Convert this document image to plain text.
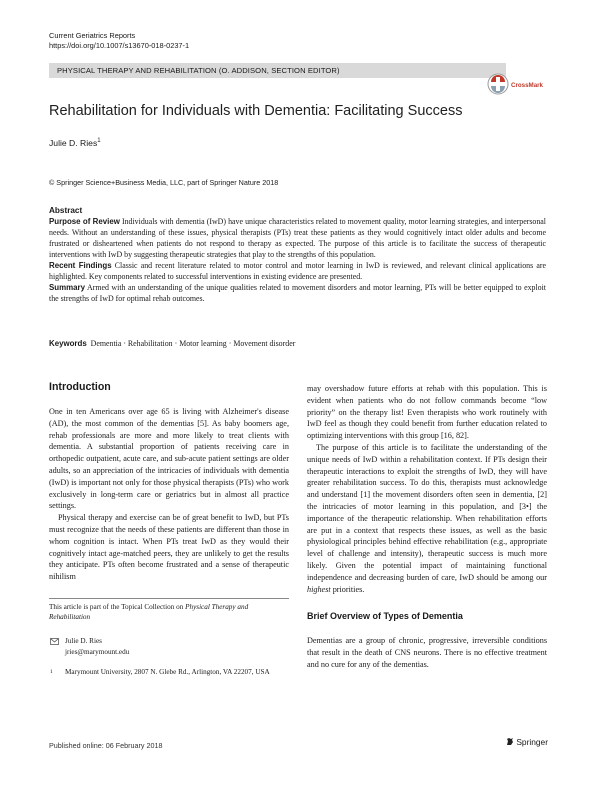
Current Geriatrics Reports
https://doi.org/10.1007/s13670-018-0237-1
PHYSICAL THERAPY AND REHABILITATION (O. ADDISON, SECTION EDITOR)
CrossMark
Rehabilitation for Individuals with Dementia: Facilitating Success
Julie D. Ries$^1$
© Springer Science+Business Media, LLC, part of Springer Nature 2018
Abstract

Purpose of Review Individuals with dementia (IwD) have unique characteristics related to movement quality, motor learning strategies, and interpersonal needs. Without an understanding of these issues, physical therapists (PTs) treat these patients as they would cognitively intact older adults and become frustrated or disheartened when patients do not respond to therapy as expected. The purpose of this article is to facilitate the success of therapeutic interventions with IwD by suggesting therapeutic strategies that play to the strengths of this population.

Recent Findings Classic and recent literature related to motor control and motor learning in IwD is reviewed, and relevant clinical applications are highlighted. Key components related to successful interventions in existing evidence are presented.

Summary Armed with an understanding of the unique qualities related to movement disorders and motor learning, PTs will be better equipped to exploit the strengths of IwD for optimal rehab outcomes.

Keywords Dementia · Rehabilitation · Motor learning · Movement disorder
Introduction

One in ten Americans over age 65 is living with Alzheimer's disease (AD), the most common of the dementias [5]. As baby boomers age, rehab professionals are more and more likely to treat clients with dementia. A substantial proportion of patients receiving care in orthopedic outpatient, acute care, and sub-acute patient settings are older adults, so an appreciation of the intricacies of individuals with dementia (IwD) is important not only for those physical therapists (PTs) who work exclusively in long-term care or geriatrics but in almost all practice settings.

Physical therapy and exercise can be of great benefit to IwD, but PTs must recognize that the needs of these patients are different than those in whom cognition is intact. When PTs treat IwD as they would their cognitively intact age-matched peers, they are unlikely to get the results they anticipate. PTs often become frustrated and a sense of therapeutic nihilism

may overshadow future efforts at rehab with this population. This is evident when patients who do not follow commands become “low priority” on the therapy list! Even therapists who work routinely with IwD feel as though they could benefit from further education related to optimizing interventions with this group [16, 82].

The purpose of this article is to facilitate the understanding of the unique needs of IwD within a rehabilitation context. If PTs design their therapeutic interactions to exploit the strengths of IwD, they will have greater rehabilitation success. To do this, therapists must acknowledge and understand [1] the movement disorders often seen in dementia, [2] the intricacies of motor learning in this population, and [3•] the importance of the therapeutic relationship. When rehabilitation efforts are put in a context that respects these issues, as well as the basic physiological principles behind effective rehabilitation (e.g., appropriate level of challenge and intensity), therapeutic success is much more likely. Given the potential impact of maintaining functional independence and decreasing burden of care, IwD should be among our highest priorities.

Brief Overview of Types of Dementia

Dementias are a group of chronic, progressive, irreversible conditions that result in the death of CNS neurons. There is no effective treatment and no cure for any of the dementias.

This article is part of the Topical Collection on Physical Therapy and Rehabilitation
Julie D. Ries
jries@marymount.edu
1 Marymount University, 2807 N. Glebe Rd., Arlington, VA 22207, USA
Published online: 06 February 2018	Springer
